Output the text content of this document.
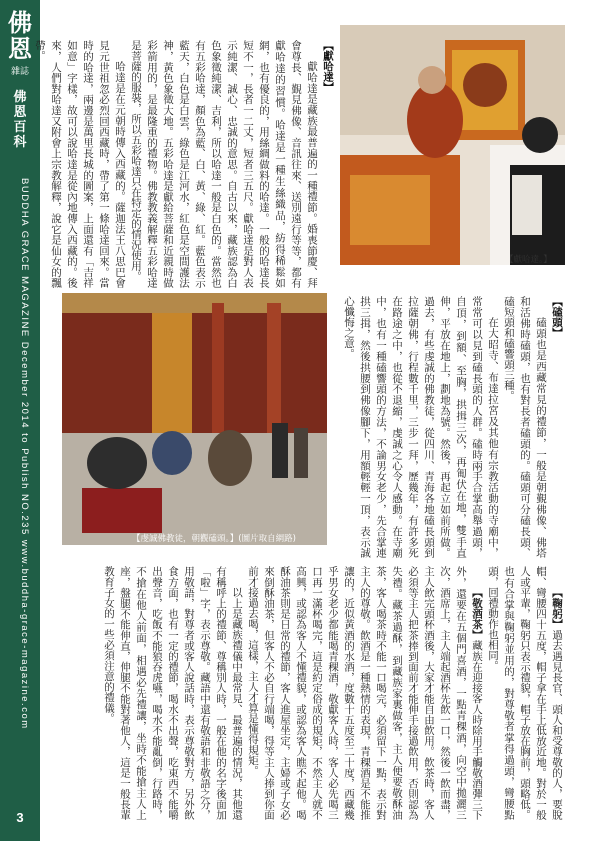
佛恩
雜誌
佛恩百科
BUDDHA GRACE MAGAZINE December 2014 to Publish NO.235 www.buddha-grace-magazine.com
3

【獻哈達】

獻哈達是藏族最普遍的一種禮節。婚喪節慶、拜會尊長、覲見佛像、音訊往來、送別遠行等等，都有獻哈達的習慣。哈達是一種生絲織品，紡得稀鬆如網，也有優良的，用絲綢做料的哈達。一般的哈達長短不一，長者一二丈，短者三五尺。獻哈達是對人表示純潔、誠心、忠誠的意思。自古以來，藏族認為白色象徵純潔、吉利，所以哈達一般是白色的。當然也有五彩哈達，顏色為藍、白、黃、綠、紅。藍色表示藍天，白色是白雲，綠色是江河水，紅色是空間護法神，黃色象徵大地。五彩哈達是獻給菩薩和近親時做彩箭用的，是最隆重的禮物。佛教教義解釋五彩哈達是菩薩的服裝，所以五彩哈達只在特定的情況使用。

哈達是在元朝時傳入西藏的。薩迦法王八思巴會見元世祖忽必烈回西藏時，帶了第一條哈達回來。當時的哈達，兩邊是萬里長城的圖案，上面還有「吉祥如意」字樣，故可以說哈達是從內地傳入西藏的。後來，人們對哈達又附會上宗教解釋，說它是仙女的飄帶。

【獻哈達。】

【磕頭】

磕頭也是西藏常見的禮節，一般是朝覲佛像、佛塔和活佛時磕頭，也有對長者磕頭的。磕頭可分磕長頭、磕短頭和磕響頭三種。

在大昭寺、布達拉宮及其他有宗教活動的寺廟中，常常可以見到磕長頭的人群。磕時兩手合掌高舉過頭，自頂，到額、至胸，拱揖三次，再匍伏在地，雙手直伸，平放在地上，劃地為號。然後，再起立如前所做。過去，有些虔誠的佛教徒，從四川、青海各地磕長頭到拉薩朝佛，行程數千里，三步一拜，歷幾年，有許多死在路途之中，也從不退縮，虔誠之心令人感動。在寺廟中，也有一種磕響頭的方法，不論男女老少，先合掌連拱三揖，然後拱腰到佛像腳下，用額輕輕一頂，表示誠心懺悔之意。

【虔誠佛教徒，朝觀磕頭。】(圖片取自網路)

【鞠躬】過去遇見長官、頭人和受尊敬的人，要脫帽、彎腰四十五度，帽子拿在手上低放近地。對於一般人或平輩，鞠躬只表示禮貌，帽子放在胸前，頭略低。也有合掌與鞠躬並用的，對尊敬者掌得過頭，彎腰點頭，回禮動作也相同。

【敬酒茶】藏族在迎接客人時除用手觸敬酒彈三下外，還要在五個門喜酒，一點青稞酒，向空中拋灑三次，酒席上，主人端起酒杯先飲一口，然後一飲而盡，主人飲完頭杯酒後，大家才能自由飲用。飲茶時，客人必須等主人把茶捧到面前才能伸手接過飲用，否則認為失禮。藏茶過酥，到藏族家裏做客，主人便要敬酥油茶，客人喝茶時不能一口喝完，必須留下一點，表示對主人的尊敬。飲酒是一種熱情的表現，青稞酒是不能推讓的，近似黃酒的水酒，度數十五度至二十度，西藏幾乎男女老少都能喝青稞酒，敬獻客人時，客人必先喝三口再一滿杯喝完，這是約定俗成的規矩，不然主人就不高興，或認為客人不懂禮貌，或認為客人瞧不起他。喝酥油茶則是日常的禮節，客人進屋坐定，主婦或子女必來倒酥油茶，但客人不必自行端喝，得等主人捧到你面前才接過去喝，這樣，主人才算是懂得規矩。

以上是藏族禮儀中最常見、最普遍的情況，其他還有稱呼上的禮節、尊稱別人時，一般在他的名字後面加「啦」字，表示尊敬。藏語中還有敬語和非敬語之分，用敬語，對尊者或客人說話時，表示尊敬對方，另外飲食方面，也有一定的禮節，喝水不出聲，吃東西不能嚼出聲音，吃飯不能狼吞虎嚥，喝水不能亂倒，行路時，不搶在他人前面，相遇必先禮讓，坐時不能搶主人上座，盤腿不能伸直，伸腿不能對著他人，這是一般長輩教育子女的一些必須注意的禮儀。
